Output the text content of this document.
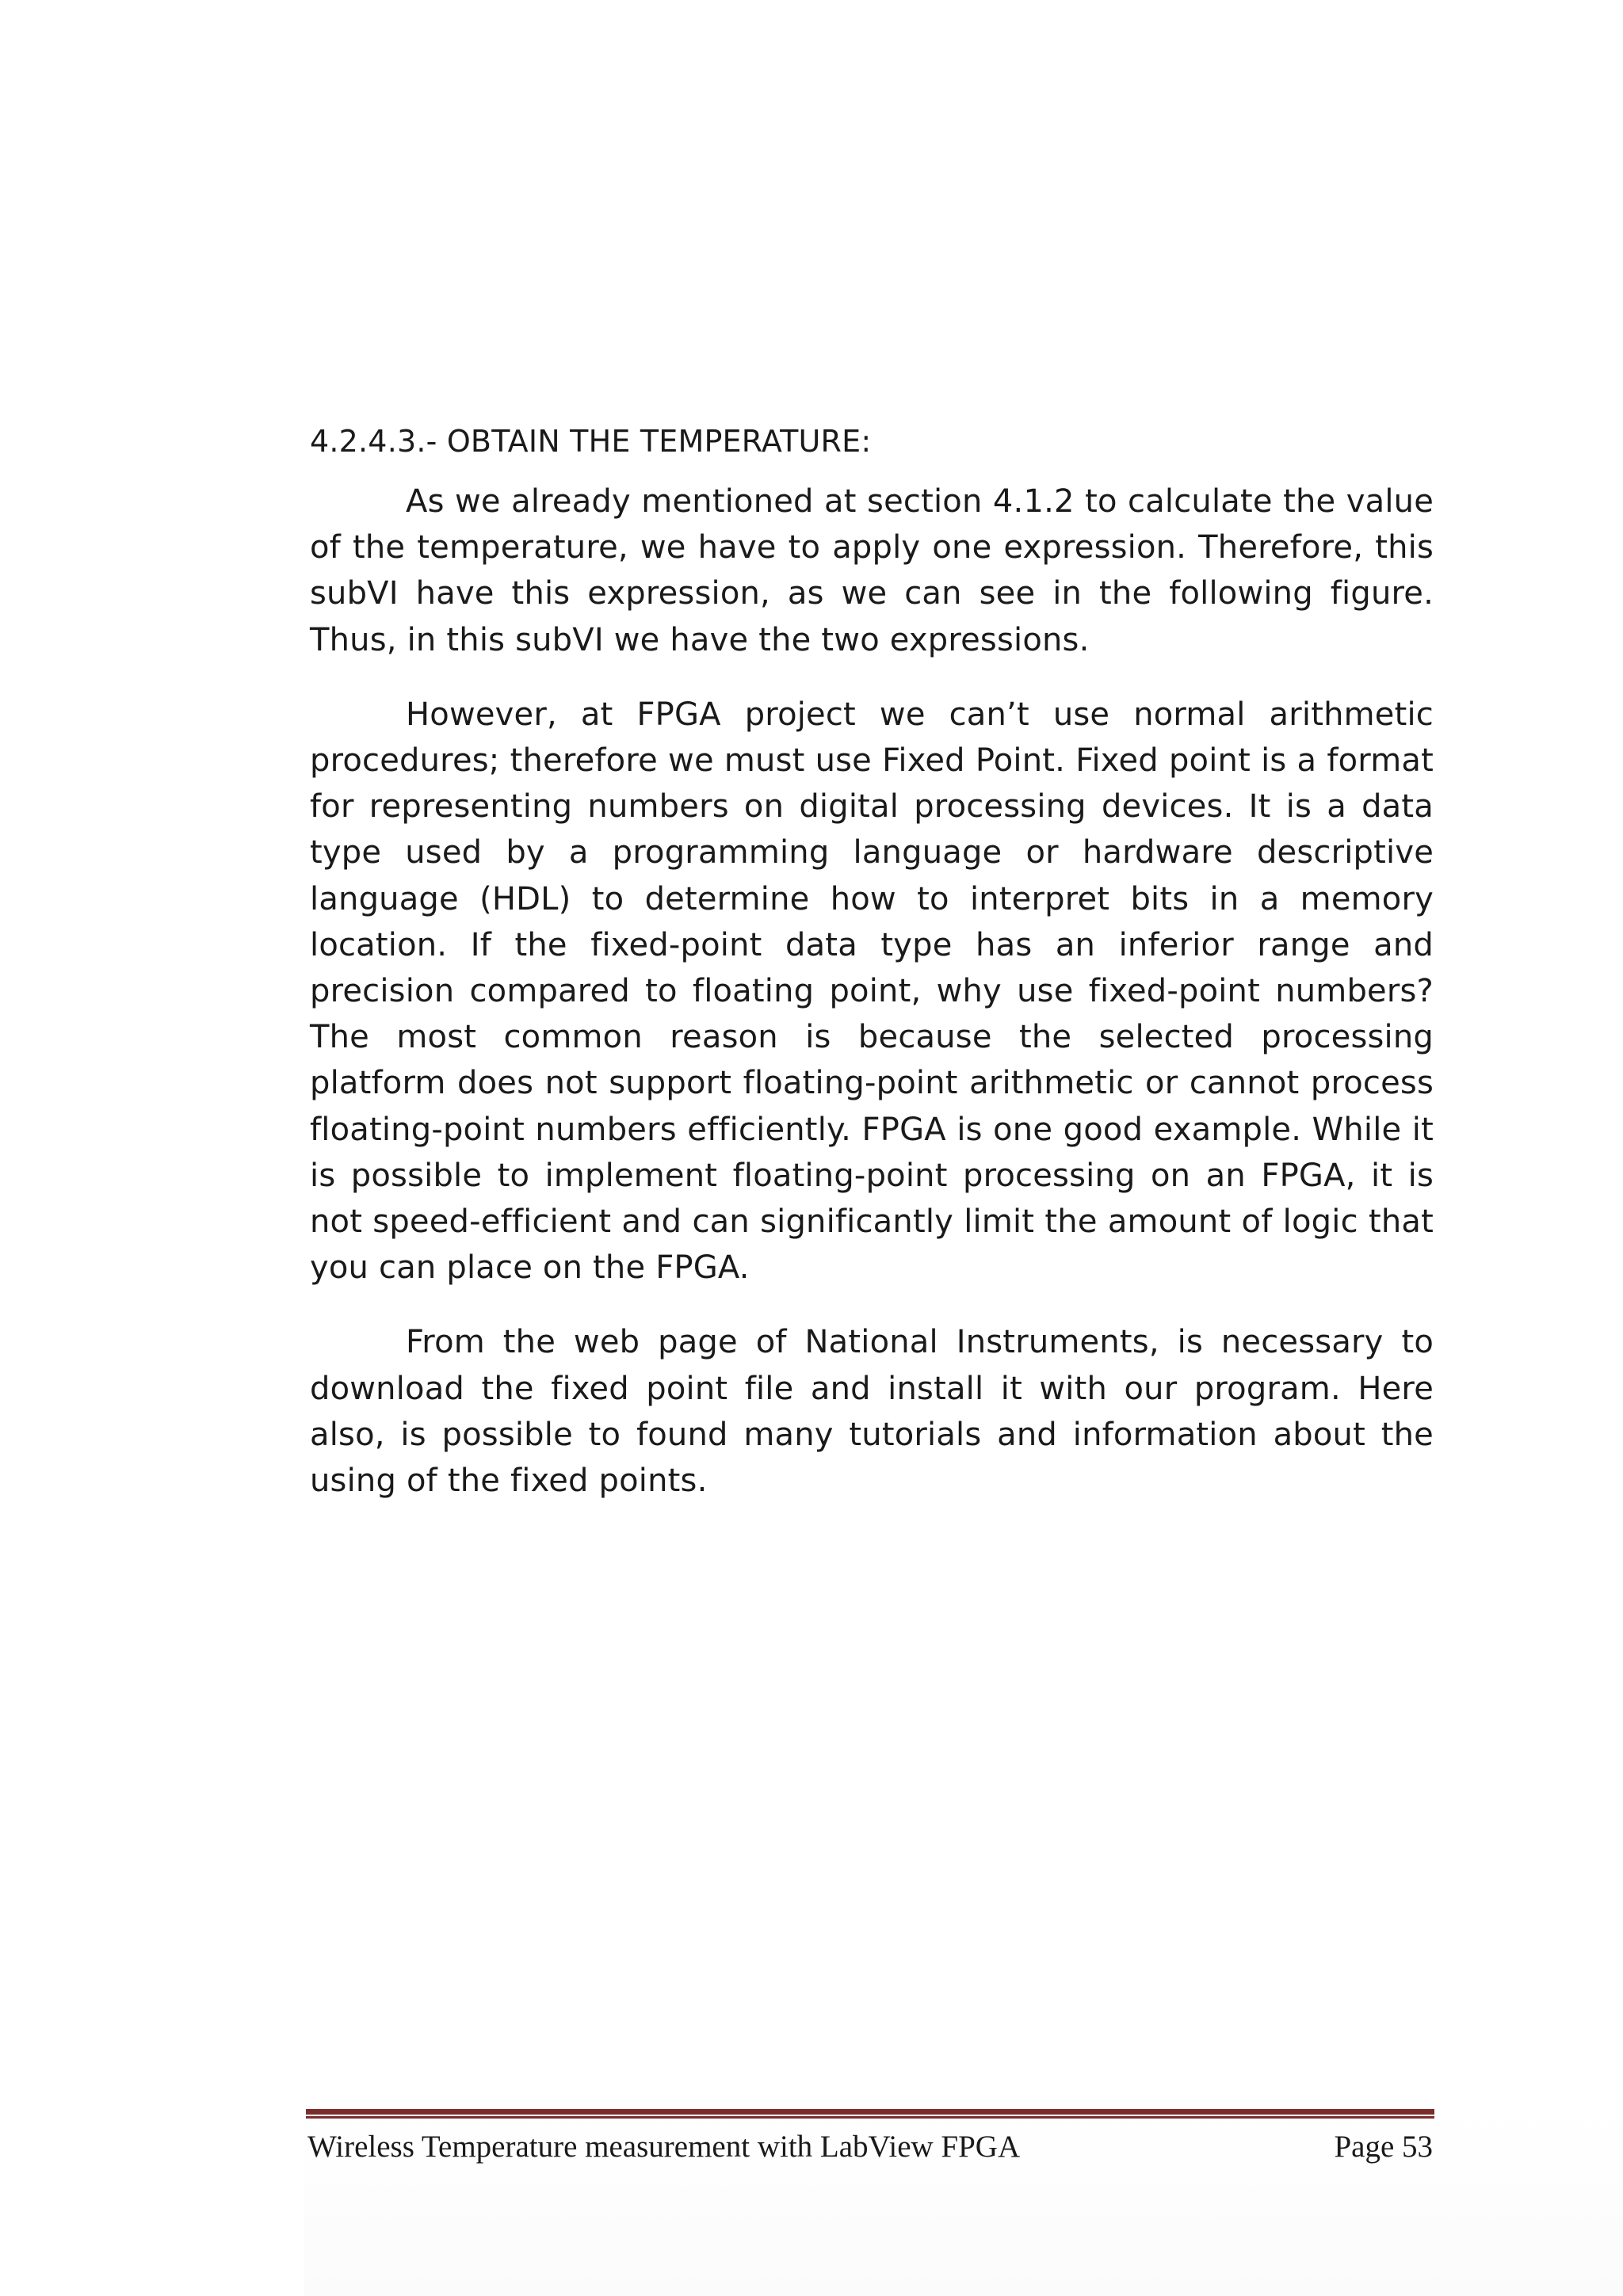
4.2.4.3.- OBTAIN THE TEMPERATURE:

As we already mentioned at section 4.1.2 to calculate the value of the temperature, we have to apply one expression. Therefore, this subVI have this expression, as we can see in the following figure. Thus, in this subVI we have the two expressions.

However, at FPGA project we can’t use normal arithmetic procedures; therefore we must use Fixed Point. Fixed point is a format for representing numbers on digital processing devices. It is a data type used by a programming language or hardware descriptive language (HDL) to determine how to interpret bits in a memory location. If the fixed-point data type has an inferior range and precision compared to floating point, why use fixed-point numbers? The most common reason is because the selected processing platform does not support floating-point arithmetic or cannot process floating-point numbers efficiently. FPGA is one good example. While it is possible to implement floating-point processing on an FPGA, it is not speed-efficient and can significantly limit the amount of logic that you can place on the FPGA.

From the web page of National Instruments, is necessary to download the fixed point file and install it with our program. Here also, is possible to found many tutorials and information about the using of the fixed points.

Wireless Temperature measurement with LabView FPGA	Page 53
